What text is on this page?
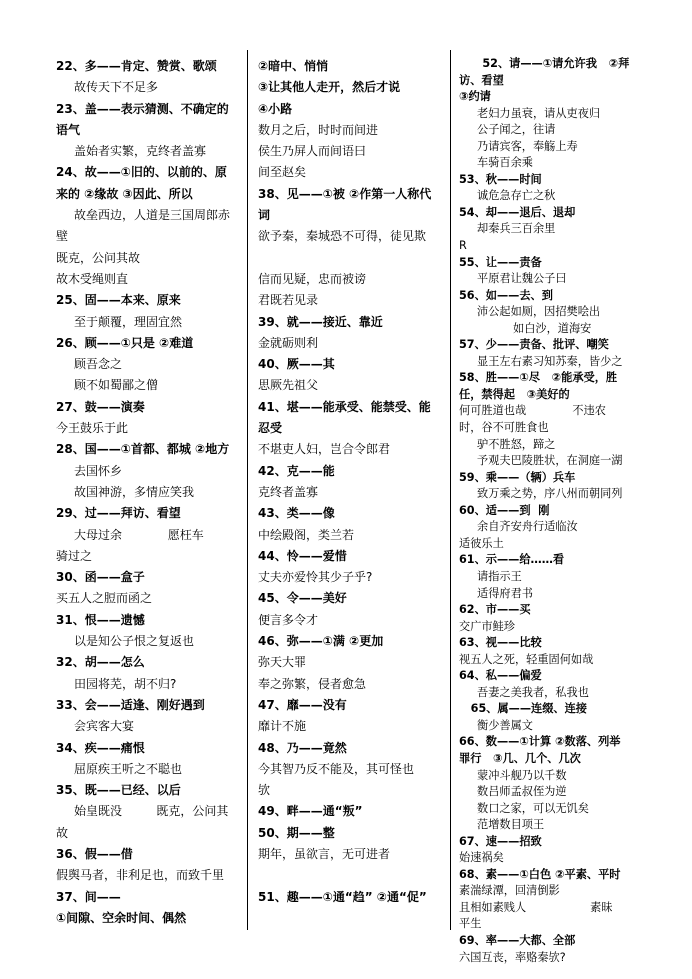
22、多——肯定、赞赏、歌颂
故传天下不足多
23、盖——表示猜测、不确定的
语气
盖始者实繁，克终者盖寡
24、故——①旧的、以前的、原
来的 ②缘故 ③因此、所以
故垒西边，人道是三国周郎赤
壁
既克，公问其故
故木受绳则直
25、固——本来、原来
至于颠覆，理固宜然
26、顾——①只是 ②难道
顾吾念之
顾不如蜀鄙之僧
27、鼓——演奏
今王鼓乐于此
28、国——①首都、都城 ②地方
去国怀乡
故国神游，多情应笑我
29、过——拜访、看望
大母过余            愿枉车
骑过之
30、函——盒子
买五人之脰而函之
31、恨——遗憾
以是知公子恨之复返也
32、胡——怎么
田园将芜，胡不归?
33、会——适逢、刚好遇到
会宾客大宴
34、疾——痛恨
屈原疾王听之不聪也
35、既——已经、以后
始皇既没         既克，公问其
故
36、假——借
假舆马者，非利足也，而致千里
37、间——
①间隙、空余时间、偶然
②暗中、悄悄
③让其他人走开，然后才说
④小路
数月之后，时时而间进
侯生乃屏人而间语曰
间至赵矣
38、见——①被 ②作第一人称代
词
欲予秦，秦城恐不可得，徒见欺
信而见疑，忠而被谤
君既若见录
39、就——接近、靠近
金就砺则利
40、厥——其
思厥先祖父
41、堪——能承受、能禁受、能
忍受
不堪吏人妇，岂合令郎君
42、克——能
克终者盖寡
43、类——像
中绘殿阁，类兰若
44、怜——爱惜
丈夫亦爱怜其少子乎?
45、令——美好
便言多令才
46、弥——①满 ②更加
弥天大罪
奉之弥繁，侵者愈急
47、靡——没有
靡计不施
48、乃——竟然
今其智乃反不能及，其可怪也
欤
49、畔——通“叛”
50、期——整
期年，虽欲言，无可进者
51、趣——①通“趋” ②通“促”
52、请——①请允许我   ②拜
访、看望
③约请
老妇力虽衰，请从吏夜归
公子闻之，往请
乃请宾客，奉觞上寿
车骑百余乘
53、秋——时间
诚危急存亡之秋
54、却——退后、退却
却秦兵三百余里
R
55、让——责备
平原君让魏公子曰
56、如——去、到
沛公起如厕，因招樊哙出
如白沙，道海安
57、少——责备、批评、嘲笑
显王左右素习知苏秦，皆少之
58、胜——①尽   ②能承受，胜
任，禁得起   ③美好的
何可胜道也哉             不违农
时，谷不可胜食也
驴不胜怒，蹄之
予观夫巴陵胜状，在洞庭一湖
59、乘——（辆）兵车
致万乘之势，序八州而朝同列
60、适——到  刚
余自齐安舟行适临汝
适彼乐土
61、示——给……看
请指示王
适得府君书
62、市——买
交广市鲑珍
63、视——比较
视五人之死，轻重固何如哉
64、私——偏爱
吾妻之美我者，私我也
65、属——连缀、连接
衡少善属文
66、数——①计算 ②数落、列举
罪行   ③几、几个、几次
蒙冲斗舰乃以千数
数吕师孟叔侄为逆
数口之家，可以无饥矣
范增数目项王
67、速——招致
始速祸矣
68、素——①白色 ②平素、平时
素湍绿潭，回清倒影
且相如素贱人                  素昧
平生
69、率——大都、全部
六国互丧，率赂秦欤?
